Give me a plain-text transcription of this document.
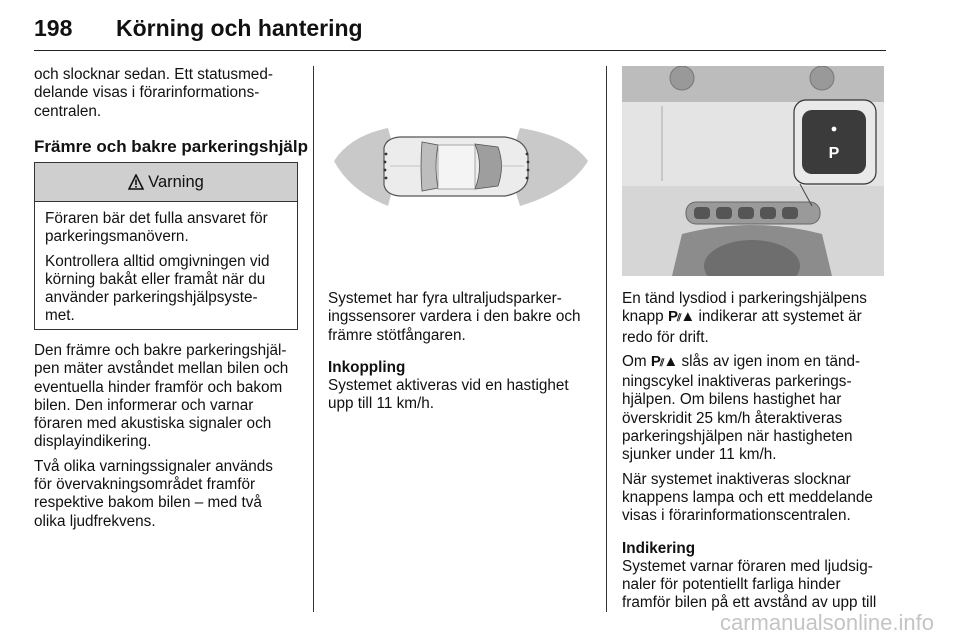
198 Körning och hantering

och slocknar sedan. Ett statusmed-
delande visas i förarinformations-
centralen.

Främre och bakre parkeringshjälp
Varning

Föraren bär det fulla ansvaret för
parkeringsmanövern.

Kontrollera alltid omgivningen vid
körning bakåt eller framåt när du
använder parkeringshjälpsyste-
met.

Den främre och bakre parkeringshjäl-
pen mäter avståndet mellan bilen och
eventuella hinder framför och bakom
bilen. Den informerar och varnar
föraren med akustiska signaler och
displayindikering.

Två olika varningssignaler används
för övervakningsområdet framför
respektive bakom bilen – med två
olika ljudfrekvens.

Systemet har fyra ultraljudsparker-
ingssensorer vardera i den bakre och
främre stötfångaren.

Inkoppling

Systemet aktiveras vid en hastighet
upp till 11 km/h.

P

En tänd lysdiod i parkeringshjälpens
knapp P⫽▲ indikerar att systemet är
redo för drift.

Om P⫽▲ slås av igen inom en tänd-
ningscykel inaktiveras parkerings-
hjälpen. Om bilens hastighet har
överskridit 25 km/h återaktiveras
parkeringshjälpen när hastigheten
sjunker under 11 km/h.

När systemet inaktiveras slocknar
knappens lampa och ett meddelande
visas i förarinformationscentralen.

Indikering

Systemet varnar föraren med ljudsig-
naler för potentiellt farliga hinder
framför bilen på ett avstånd av upp till

carmanualsonline.info
